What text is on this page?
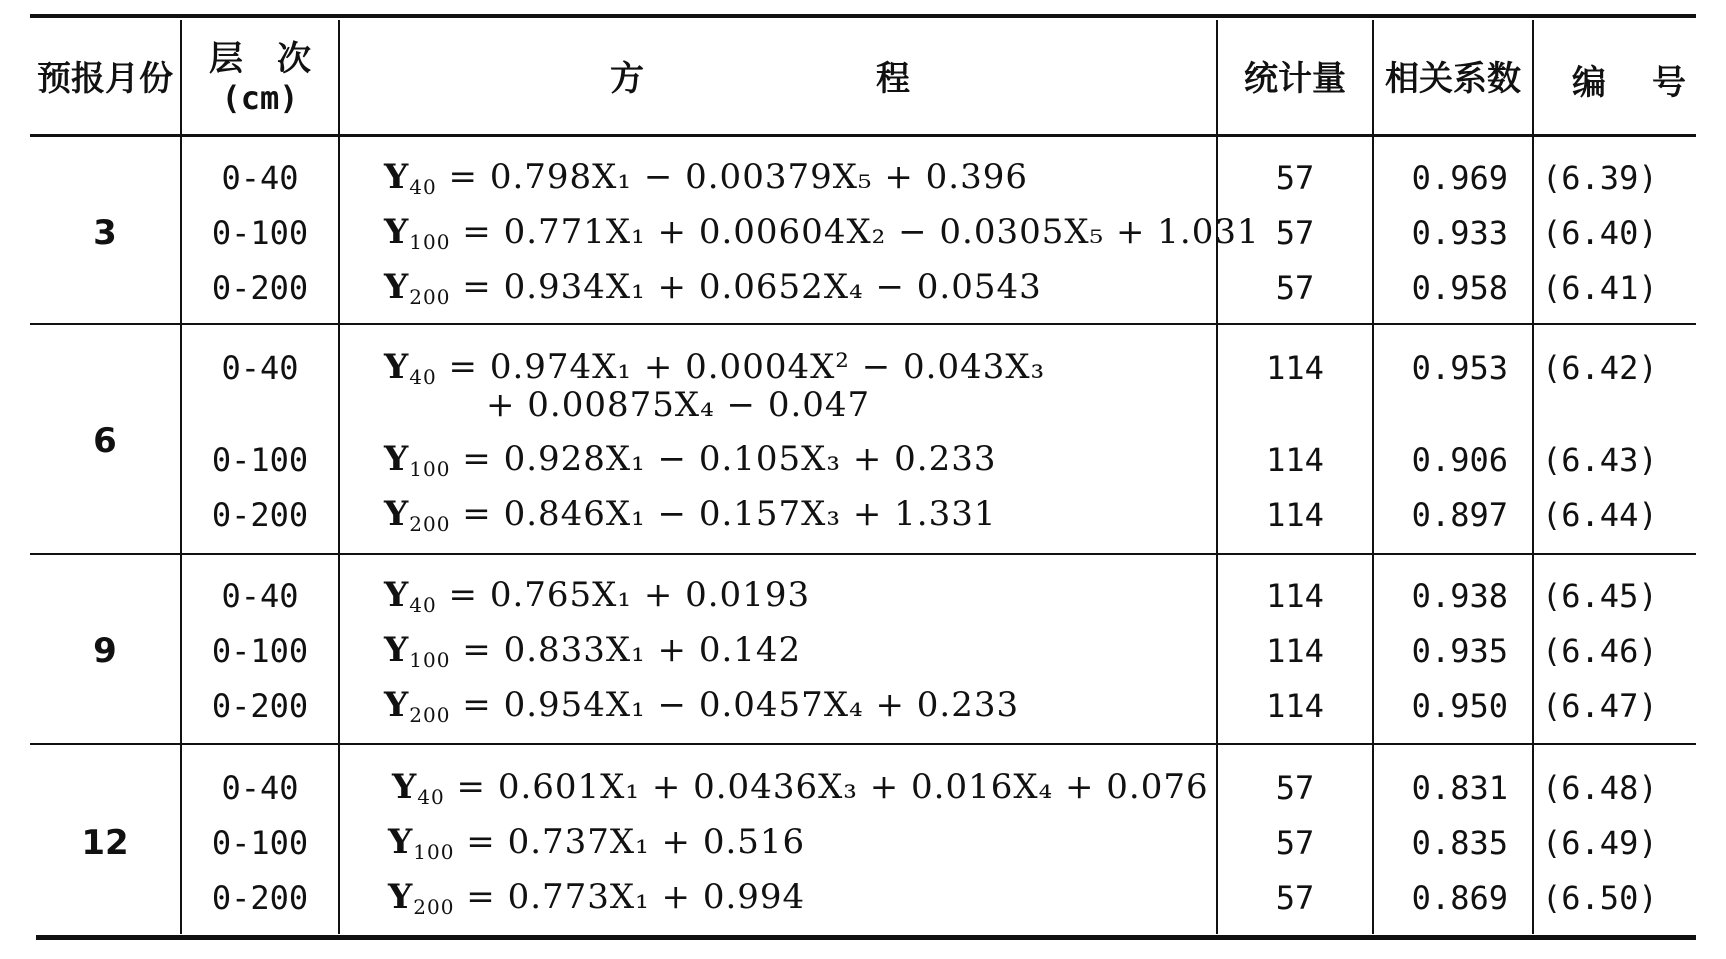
预报月份	层　次
(cm)	方	程	统计量	相关系数	编 号
3
0-40	$Y_{40} = 0.798X_1 - 0.00379X_5 + 0.396$	57	0.969 (6.39)
0-100	$Y_{100} = 0.771X_1 + 0.00604X_2 - 0.0305X_5 + 1.031$ 57	0.933 (6.40)
0-200	$Y_{200} = 0.934X_1 + 0.0652X_4 - 0.0543$	57	0.958 (6.41)
6
0-40	$Y_{40} = 0.974X_1 + 0.0004X^2 - 0.043X_3$
+ 0.00875X₄ − 0.047
114	0.953 (6.42)
0-100	$Y_{100} = 0.928X_1 - 0.105X_3 + 0.233$	114	0.906 (6.43)
0-200	$Y_{200} = 0.846X_1 - 0.157X_3 + 1.331$	114	0.897 (6.44)
9
0-40	$Y_{40} = 0.765X_1 + 0.0193$	114	0.938 (6.45)
0-100	$Y_{100} = 0.833X_1 + 0.142$	114	0.935 (6.46)
0-200	$Y_{200} = 0.954X_1 - 0.0457X_4 + 0.233$	114	0.950 (6.47)
12
0-40	$Y_{40} = 0.601X_1 + 0.0436X_3 + 0.016X_4 + 0.076$	57	0.831 (6.48)
0-100	$Y_{100} = 0.737X_1 + 0.516$	57	0.835 (6.49)
0-200	$Y_{200} = 0.773X_1 + 0.994$	57	0.869 (6.50)
